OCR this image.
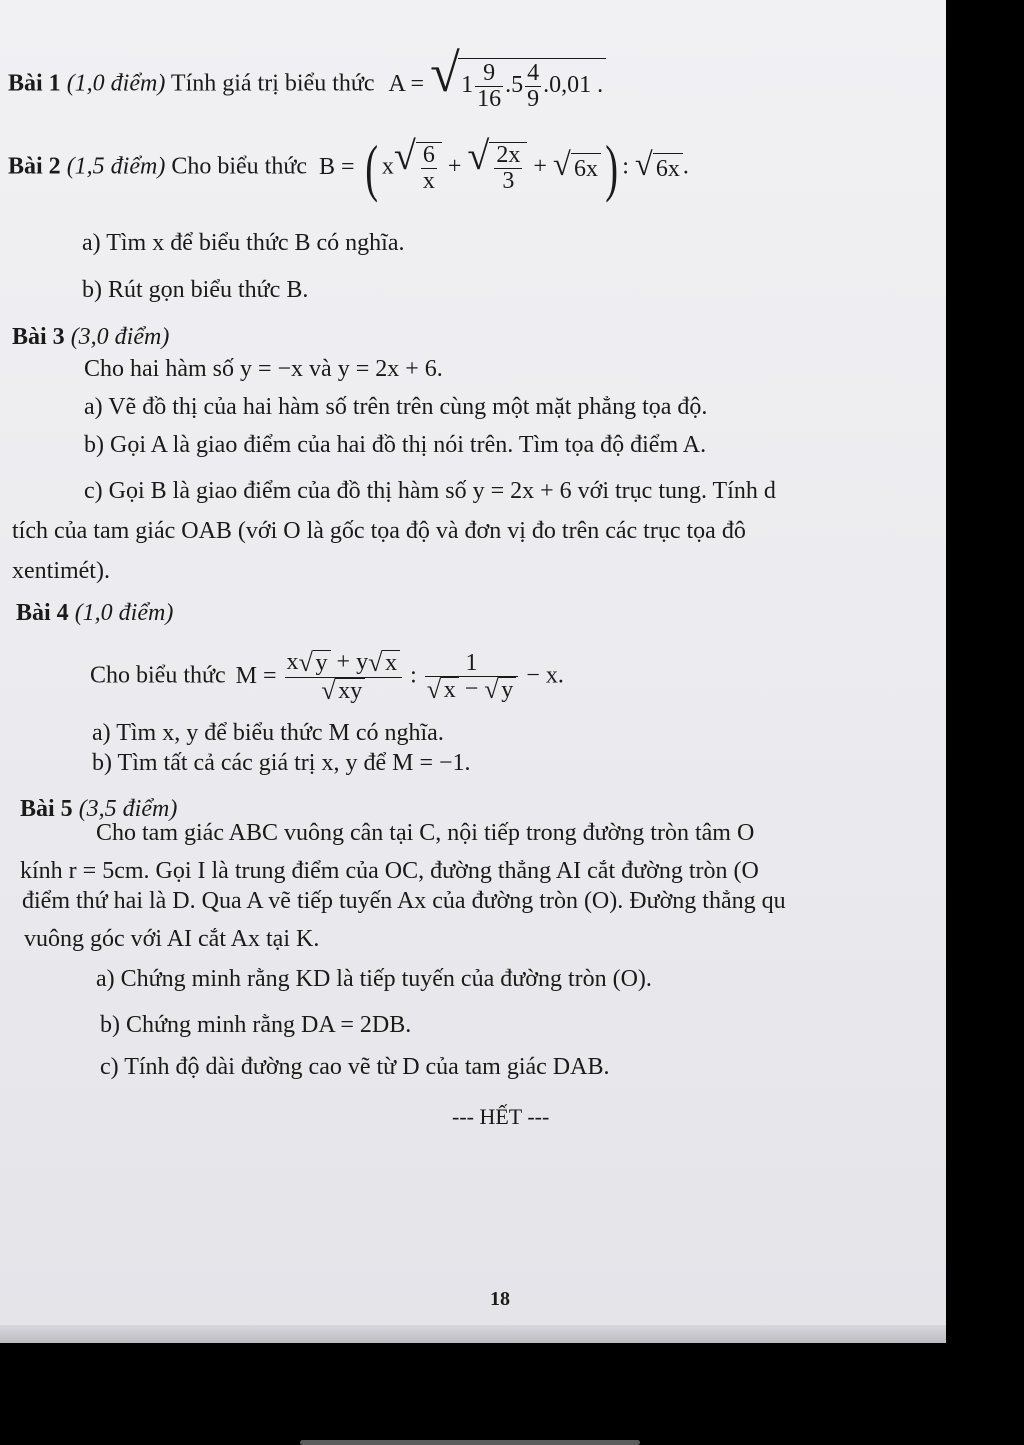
Bài 1 (1,0 điểm) Tính giá trị biểu thức A = √ $1 \frac{9}{16} .5 \frac{4}{9} .0,01$ .
Bài 2 (1,5 điểm) Cho biểu thức B = ( x √ $\frac{6}{x}$ + √ $\frac{2x}{3}$ + √ 6x ) : √ 6x .
a) Tìm x để biểu thức B có nghĩa.
b) Rút gọn biểu thức B.
Bài 3 (3,0 điểm)
Cho hai hàm số y = −x và y = 2x + 6.
a) Vẽ đồ thị của hai hàm số trên trên cùng một mặt phẳng tọa độ.
b) Gọi A là giao điểm của hai đồ thị nói trên. Tìm tọa độ điểm A.
c) Gọi B là giao điểm của đồ thị hàm số y = 2x + 6 với trục tung. Tính d
tích của tam giác OAB (với O là gốc tọa độ và đơn vị đo trên các trục tọa đô
xentimét).
Bài 4 (1,0 điểm)
Cho biểu thức $M = \frac{x √ y + y √ x}{√ xy}$ : $\frac{1}{√ x - √ y} - x$.
a) Tìm x, y để biểu thức M có nghĩa.
b) Tìm tất cả các giá trị x, y để M = −1.
Bài 5 (3,5 điểm)
Cho tam giác ABC vuông cân tại C, nội tiếp trong đường tròn tâm O
kính r = 5cm. Gọi I là trung điểm của OC, đường thẳng AI cắt đường tròn (O
điểm thứ hai là D. Qua A vẽ tiếp tuyến Ax của đường tròn (O). Đường thẳng qu
vuông góc với AI cắt Ax tại K.
a) Chứng minh rằng KD là tiếp tuyến của đường tròn (O).
b) Chứng minh rằng DA = 2DB.
c) Tính độ dài đường cao vẽ từ D của tam giác DAB.
--- HẾT ---
18
